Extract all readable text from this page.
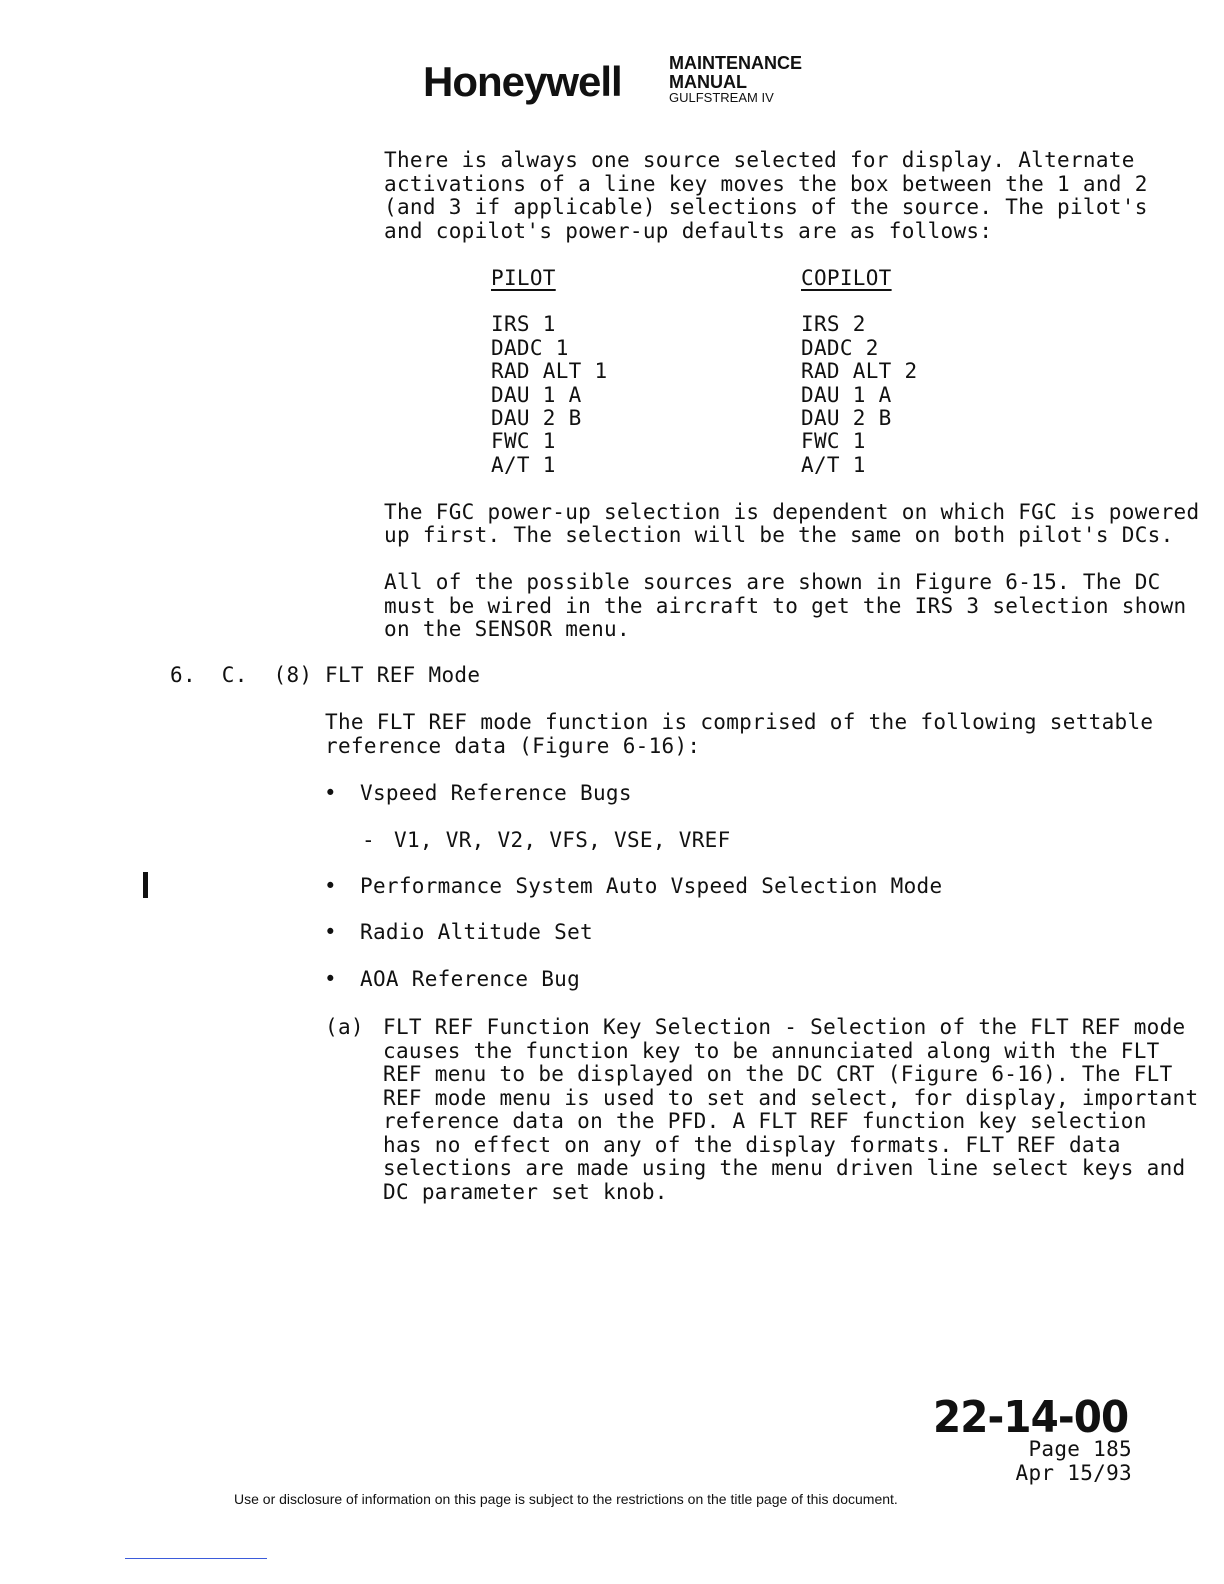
Honeywell	MAINTENANCE
MANUAL
GULFSTREAM IV
There is always one source selected for display. Alternate
activations of a line key moves the box between the 1 and 2
(and 3 if applicable) selections of the source. The pilot's
and copilot's power-up defaults are as follows:
PILOT	COPILOT
IRS 1
DADC 1
RAD ALT 1
DAU 1 A
DAU 2 B
FWC 1
A/T 1
IRS 2
DADC 2
RAD ALT 2
DAU 1 A
DAU 2 B
FWC 1
A/T 1
The FGC power-up selection is dependent on which FGC is powered
up first. The selection will be the same on both pilot's DCs.
All of the possible sources are shown in Figure 6-15. The DC
must be wired in the aircraft to get the IRS 3 selection shown
on the SENSOR menu.
6.  C.  (8) FLT REF Mode
The FLT REF mode function is comprised of the following settable
reference data (Figure 6-16):
• Vspeed Reference Bugs
- V1, VR, V2, VFS, VSE, VREF
• Performance System Auto Vspeed Selection Mode
• Radio Altitude Set
• AOA Reference Bug
(a) FLT REF Function Key Selection - Selection of the FLT REF mode
causes the function key to be annunciated along with the FLT
REF menu to be displayed on the DC CRT (Figure 6-16). The FLT
REF mode menu is used to set and select, for display, important
reference data on the PFD. A FLT REF function key selection
has no effect on any of the display formats. FLT REF data
selections are made using the menu driven line select keys and
DC parameter set knob.
22-14-00
Page 185
Apr 15/93
Use or disclosure of information on this page is subject to the restrictions on the title page of this document.
